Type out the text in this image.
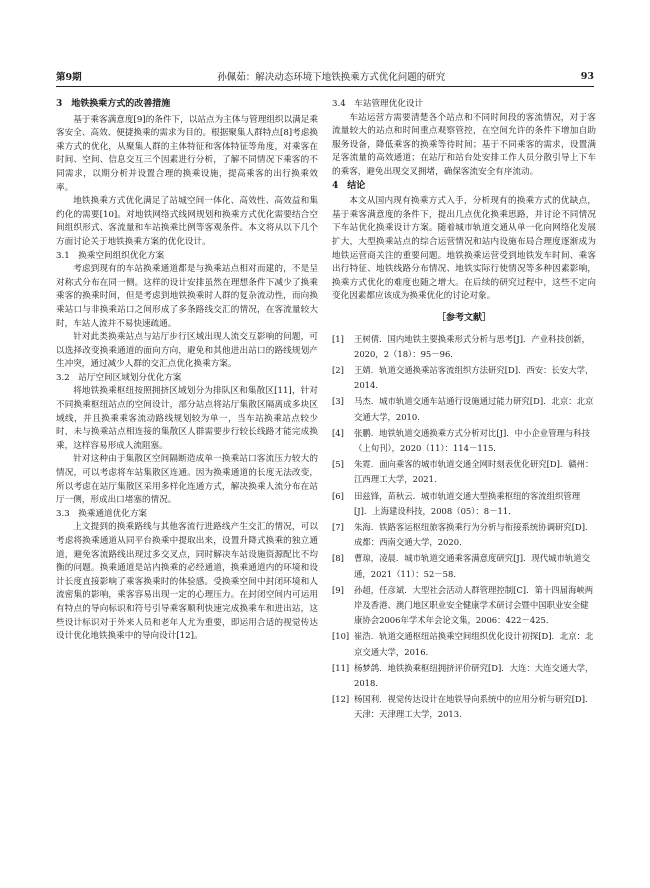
第9期	孙佩茹：解决动态环境下地铁换乘方式优化问题的研究	93
3　地铁换乘方式的改善措施

基于乘客满意度[9]的条件下，以站点为主体与管理组织以满足乘客安全、高效、便捷换乘的需求为目的。根据聚集人群特点[8]考虑换乘方式的优化，从聚集人群的主体特征和客体特征等角度，对乘客在时间、空间、信息交互三个因素进行分析，了解不同情况下乘客的不同需求，以期分析并设置合理的换乘设施，提高乘客的出行换乘效率。

地铁换乘方式优化满足了站城空间一体化、高效性、高效益和集约化的需要[10]。对地铁网络式线网规划和换乘方式优化需要结合空间组织形式、客流量和车站换乘比例等客观条件。本文将从以下几个方面讨论关于地铁换乘方案的优化设计。

3.1　换乘空间组织优化方案

考虑到现有的车站换乘通道都是与换乘站点相对而建的，不是呈对称式分布在同一侧。这样的设计安排虽然在理想条件下减少了换乘乘客的换乘时间，但是考虑到地铁换乘时人群的复杂流动性，而向换乘站口与非换乘站口之间形成了多条路线交汇的情况，在客流量较大时，车站人流并不易快速疏通。

针对此类换乘站点与站厅步行区域出现人流交互影响的问题，可以选择改变换乘通道的面向方向，避免和其他进出站口的路线规划产生冲突，通过减少人群的交汇点优化换乘方案。

3.2　站厅空间区域划分优化方案

将地铁换乘枢纽按照拥挤区域划分为排队区和集散区[11]，针对不同换乘枢纽站点的空间设计，部分站点将站厅集散区隔离成多块区域线，并且换乘乘客流动路线规划较为单一，当车站换乘站点较少时，未与换乘站点相连接的集散区人群需要步行较长线路才能完成换乘，这样容易形成人流阻塞。

针对这种由于集散区空间隔断造成单一换乘站口客流压力较大的情况，可以考虑将车站集散区连通。因为换乘通道的长度无法改变，所以考虑在站厅集散区采用多样化连通方式，解决换乘人流分布在站厅一侧，形成出口堵塞的情况。

3.3　换乘通道优化方案

上文提到的换乘路线与其他客流行进路线产生交汇的情况，可以考虑将换乘通道从同平台换乘中提取出来，设置升降式换乘的独立通道，避免客流路线出现过多交叉点，同时解决车站设施资源配比不均衡的问题。换乘通道是站内换乘的必经通道，换乘通道内的环境和设计长度直接影响了乘客换乘时的体验感。受换乘空间中封闭环境和人流密集的影响，乘客容易出现一定的心理压力。在封闭空间内可运用有特点的导向标识和符号引导乘客顺利快速完成换乘车和进出站，这些设计标识对于外来人员和老年人尤为重要，即运用合适的视觉传达设计优化地铁换乘中的导向设计[12]。

3.4　车站管理优化设计

车站运营方需要清楚各个站点和不同时间段的客流情况，对于客流量较大的站点和时间重点观察管控，在空间允许的条件下增加自助服务设备，降低乘客的换乘等待时间；基于不同乘客的需求，设置满足客流量的高效通道；在站厅和站台处安排工作人员分散引导上下车的乘客，避免出现交叉拥堵，确保客流安全有序流动。

4　结论

本文从国内现有换乘方式入手，分析现有的换乘方式的优缺点，基于乘客满意度的条件下，提出几点优化换乘思路，并讨论不同情况下车站优化换乘设计方案。随着城市轨道交通从单一化向网络化发展扩大，大型换乘站点的综合运营情况和站内设施布局合理度逐渐成为地铁运营商关注的重要问题。地铁换乘运营受到地铁发车时间、乘客出行特征、地铁线路分布情况、地铁实际行使情况等多种因素影响，换乘方式优化的难度也随之增大。在后续的研究过程中，这些不定向变化因素都应该成为换乘优化的讨论对象。

［参考文献］
[1]	王树倩．国内地铁主要换乘形式分析与思考[J]．产业科技创新，2020，2（18）：95－96．
[2]	王婧．轨道交通换乘站客流组织方法研究[D]．西安：长安大学，2014．
[3]	马杰．城市轨道交通车站通行设施通过能力研究[D]．北京：北京交通大学，2010．
[4]	张鹏．地铁轨道交通换乘方式分析对比[J]．中小企业管理与科技（上旬刊），2020（11）：114－115．
[5]	朱霓．面向乘客的城市轨道交通全网时刻表优化研究[D]．赣州：江西理工大学，2021．
[6]	田兹锋，苗秋云．城市轨道交通大型换乘枢纽的客流组织管理[J]．上海建设科技，2008（05）：8－11．
[7]	朱海．铁路客运枢纽旅客换乘行为分析与衔接系统协调研究[D]．成都：西南交通大学，2020．
[8]	曹琼，凌晨．城市轨道交通乘客满意度研究[J]．现代城市轨道交通，2021（11）：52－58．
[9]	孙超，任彦斌．大型社会活动人群管理控制[C]．第十四届海峡两岸及香港、澳门地区职业安全健康学术研讨会暨中国职业安全健康协会2006年学术年会论文集，2006：422－425．
[10] 崔浩．轨道交通枢纽站换乘空间组织优化设计初探[D]．北京：北京交通大学，2016．
[11] 杨梦鸽．地铁换乘枢纽拥挤评价研究[D]．大连：大连交通大学，2018．
[12] 杨国利．视觉传达设计在地铁导向系统中的应用分析与研究[D]．天津：天津理工大学，2013．
